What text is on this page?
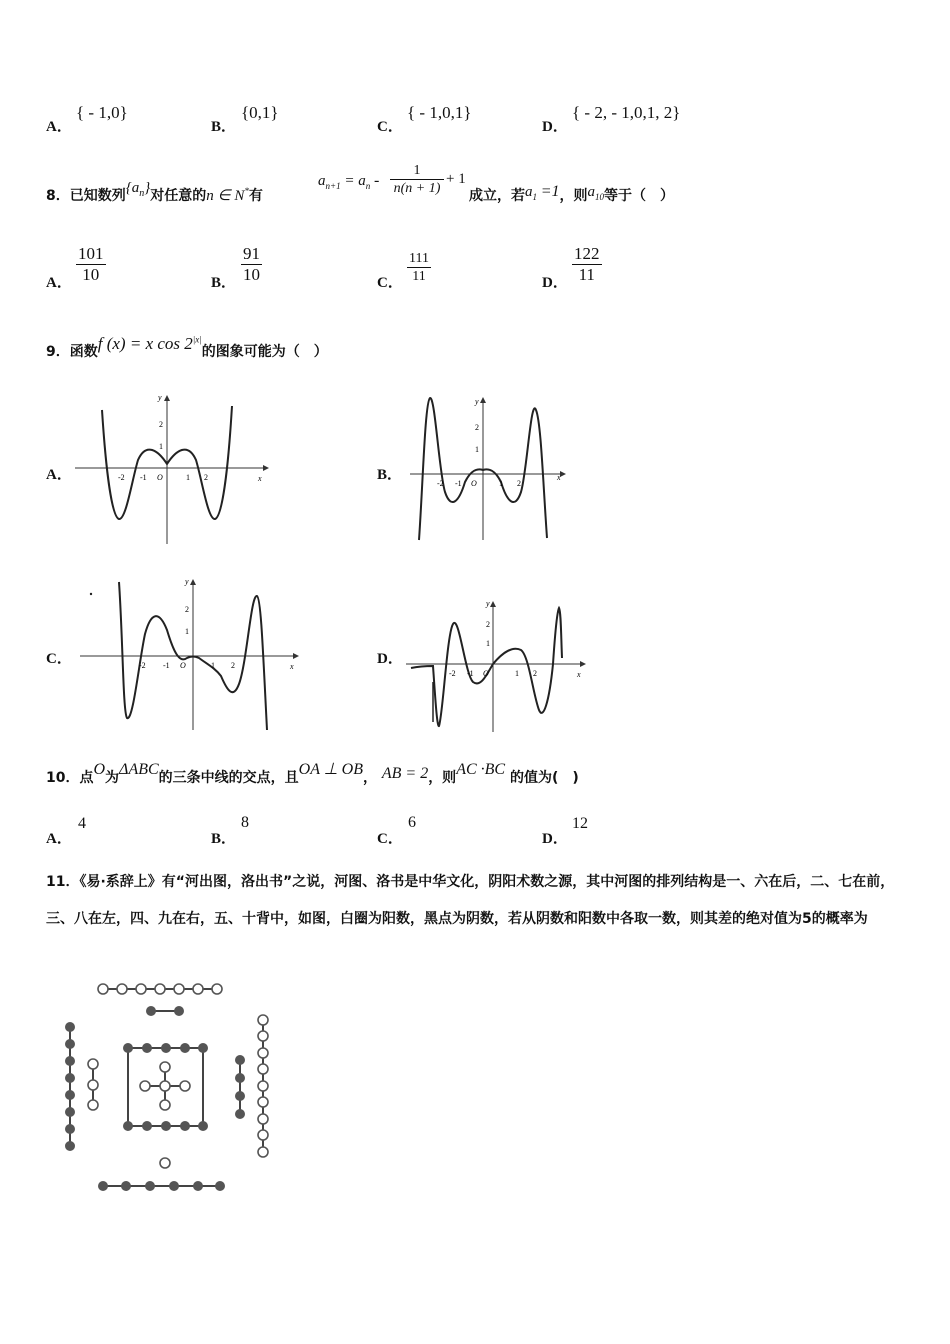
A．
{ - 1,0}
B．
{0,1}
C．
{ - 1,0,1}
D．
{ - 2, - 1,0,1, 2}
8．已知数列$\{a_n\}$对任意的n ∈ N*有
$a_{n+1} = a_n - \frac{1}{n(n + 1)} + 1$
成立，若$a_1 =1$，则$a_{10}$等于（　）
A． $\frac{101}{10}$	B． $\frac{91}{10}$	C． $\frac{111}{11}$	D． $\frac{122}{11}$
9．函数f (x) = x $\cos 2^{|x|}$的图象可能为（　）
A．	B．
C．	D．
y
x
O
2
1
-1
-2	1 2
y
x
O
2
1
-1
-2	1 2
y
x
O
2
1
-1
-2	1 2
y
x
O
2
1
-1
-2	1 2
10．点O为ΔABC的三条中线的交点，且OA ⊥ OB， AB = 2，则AC ·BC 的值为(　)
A．
4
B．
8
C．
6
D．
12
11．《易·系辞上》有“河出图，洛出书”之说，河图、洛书是中华文化，阴阳术数之源，其中河图的排列结构是一、六在后，二、七在前，三、八在左，四、九在右，五、十背中，如图，白圈为阳数，黑点为阴数，若从阴数和阳数中各取一数，则其差的绝对值为5的概率为
